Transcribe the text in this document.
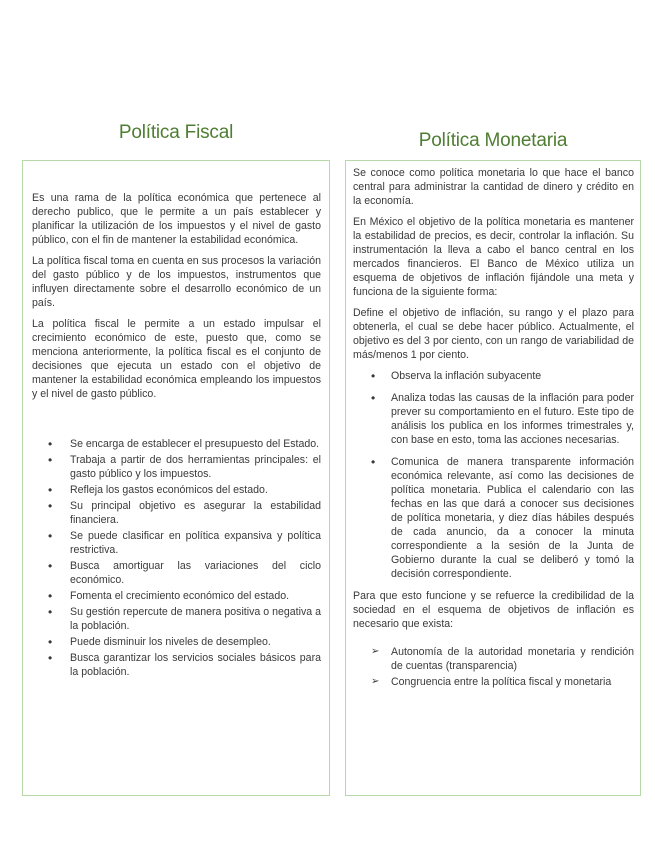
Política Fiscal	Política Monetaria

Es una rama de la política económica que pertenece al derecho publico, que le permite a un país establecer y planificar la utilización de los impuestos y el nivel de gasto público, con el fin de mantener la estabilidad económica.

La política fiscal toma en cuenta en sus procesos la variación del gasto público y de los impuestos, instrumentos que influyen directamente sobre el desarrollo económico de un país.

La política fiscal le permite a un estado impulsar el crecimiento económico de este, puesto que, como se menciona anteriormente, la política fiscal es el conjunto de decisiones que ejecuta un estado con el objetivo de mantener la estabilidad económica empleando los impuestos y el nivel de gasto público.

• Se encarga de establecer el presupuesto del Estado.
• Trabaja a partir de dos herramientas principales: el gasto público y los impuestos.
• Refleja los gastos económicos del estado.
• Su principal objetivo es asegurar la estabilidad financiera.
• Se puede clasificar en política expansiva y política restrictiva.
• Busca amortiguar las variaciones del ciclo económico.
• Fomenta el crecimiento económico del estado.
• Su gestión repercute de manera positiva o negativa a la población.
• Puede disminuir los niveles de desempleo.
• Busca garantizar los servicios sociales básicos para la población.

Se conoce como política monetaria lo que hace el banco central para administrar la cantidad de dinero y crédito en la economía.

En México el objetivo de la política monetaria es mantener la estabilidad de precios, es decir, controlar la inflación. Su instrumentación la lleva a cabo el banco central en los mercados financieros. El Banco de México utiliza un esquema de objetivos de inflación fijándole una meta y funciona de la siguiente forma:

Define el objetivo de inflación, su rango y el plazo para obtenerla, el cual se debe hacer público. Actualmente, el objetivo es del 3 por ciento, con un rango de variabilidad de más/menos 1 por ciento.

• Observa la inflación subyacente
• Analiza todas las causas de la inflación para poder prever su comportamiento en el futuro. Este tipo de análisis los publica en los informes trimestrales y, con base en esto, toma las acciones necesarias.
• Comunica de manera transparente información económica relevante, así como las decisiones de política monetaria. Publica el calendario con las fechas en las que dará a conocer sus decisiones de política monetaria, y diez días hábiles después de cada anuncio, da a conocer la minuta correspondiente a la sesión de la Junta de Gobierno durante la cual se deliberó y tomó la decisión correspondiente.

Para que esto funcione y se refuerce la credibilidad de la sociedad en el esquema de objetivos de inflación es necesario que exista:

➢ Autonomía de la autoridad monetaria y rendición de cuentas (transparencia)
➢ Congruencia entre la política fiscal y monetaria
